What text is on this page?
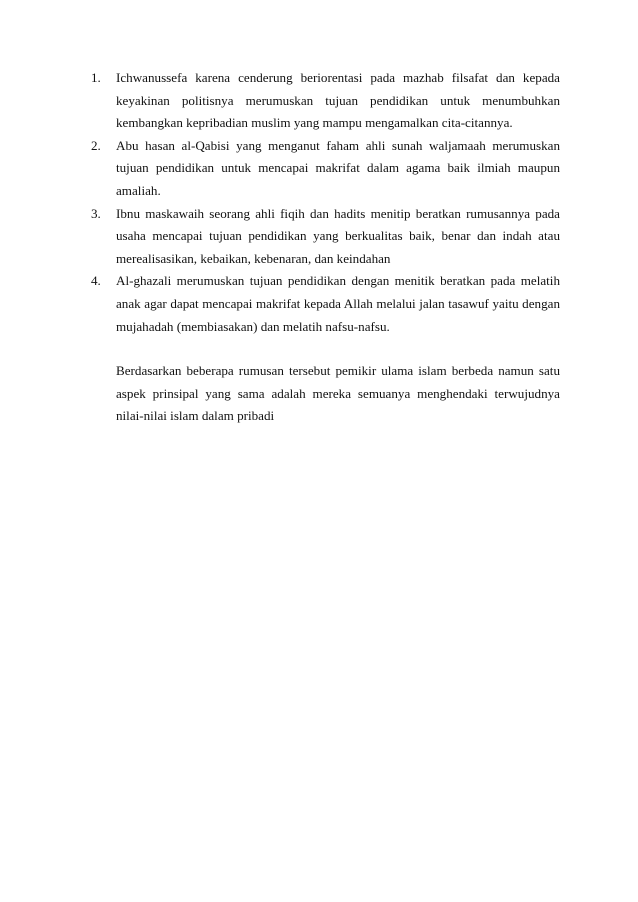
1.	Ichwanussefa karena cenderung beriorentasi pada mazhab filsafat dan kepada keyakinan politisnya merumuskan tujuan pendidikan untuk menumbuhkan kembangkan kepribadian muslim yang mampu mengamalkan cita-citannya.
2.	Abu hasan al-Qabisi yang menganut faham ahli sunah waljamaah merumuskan tujuan pendidikan untuk mencapai makrifat dalam agama baik ilmiah maupun amaliah.
3.	Ibnu maskawaih seorang ahli fiqih dan hadits menitip beratkan rumusannya pada usaha mencapai tujuan pendidikan yang berkualitas baik, benar dan indah atau merealisasikan, kebaikan, kebenaran, dan keindahan
4.	Al-ghazali merumuskan tujuan pendidikan dengan menitik beratkan pada melatih anak agar dapat mencapai makrifat kepada Allah melalui jalan tasawuf yaitu dengan mujahadah (membiasakan) dan melatih nafsu-nafsu.

Berdasarkan beberapa rumusan tersebut pemikir ulama islam berbeda namun satu aspek prinsipal yang sama adalah mereka semuanya menghendaki terwujudnya nilai-nilai islam dalam pribadi
